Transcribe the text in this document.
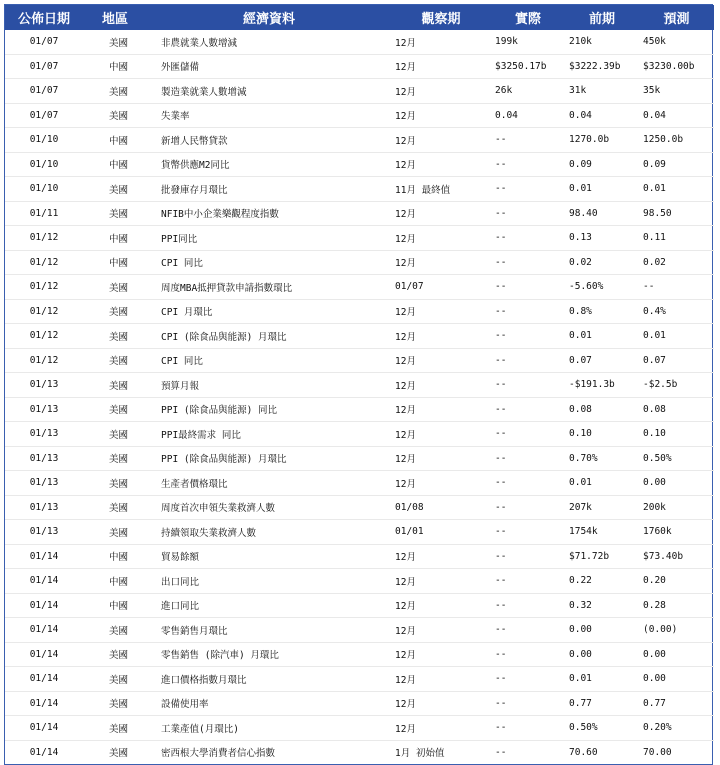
公佈日期	地區	經濟資料	觀察期	實際	前期	預測
01/07	美國	非農就業人數增減	12月	199k	210k	450k
01/07	中國	外匯儲備	12月	$3250.17b	$3222.39b	$3230.00b
01/07	美國	製造業就業人數增減	12月	26k	31k	35k
01/07	美國	失業率	12月	0.04	0.04	0.04
01/10	中國	新增人民幣貸款	12月	--	1270.0b	1250.0b
01/10	中國	貨幣供應M2同比	12月	--	0.09	0.09
01/10	美國	批發庫存月環比	11月 最終值	--	0.01	0.01
01/11	美國	NFIB中小企業樂觀程度指數	12月	--	98.40	98.50
01/12	中國	PPI同比	12月	--	0.13	0.11
01/12	中國	CPI 同比	12月	--	0.02	0.02
01/12	美國	周度MBA抵押貸款申請指數環比	01/07	--	-5.60%	--
01/12	美國	CPI 月環比	12月	--	0.8%	0.4%
01/12	美國	CPI (除食品與能源) 月環比	12月	--	0.01	0.01
01/12	美國	CPI 同比	12月	--	0.07	0.07
01/13	美國	預算月報	12月	--	-$191.3b	-$2.5b
01/13	美國	PPI (除食品與能源) 同比	12月	--	0.08	0.08
01/13	美國	PPI最終需求 同比	12月	--	0.10	0.10
01/13	美國	PPI (除食品與能源) 月環比	12月	--	0.70%	0.50%
01/13	美國	生產者價格環比	12月	--	0.01	0.00
01/13	美國	周度首次申領失業救濟人數	01/08	--	207k	200k
01/13	美國	持續領取失業救濟人數	01/01	--	1754k	1760k
01/14	中國	貿易餘額	12月	--	$71.72b	$73.40b
01/14	中國	出口同比	12月	--	0.22	0.20
01/14	中國	進口同比	12月	--	0.32	0.28
01/14	美國	零售銷售月環比	12月	--	0.00	(0.00)
01/14	美國	零售銷售 (除汽車) 月環比	12月	--	0.00	0.00
01/14	美國	進口價格指數月環比	12月	--	0.01	0.00
01/14	美國	設備使用率	12月	--	0.77	0.77
01/14	美國	工業產值(月環比)	12月	--	0.50%	0.20%
01/14	美國	密西根大學消費者信心指數	1月 初始值	--	70.60	70.00
